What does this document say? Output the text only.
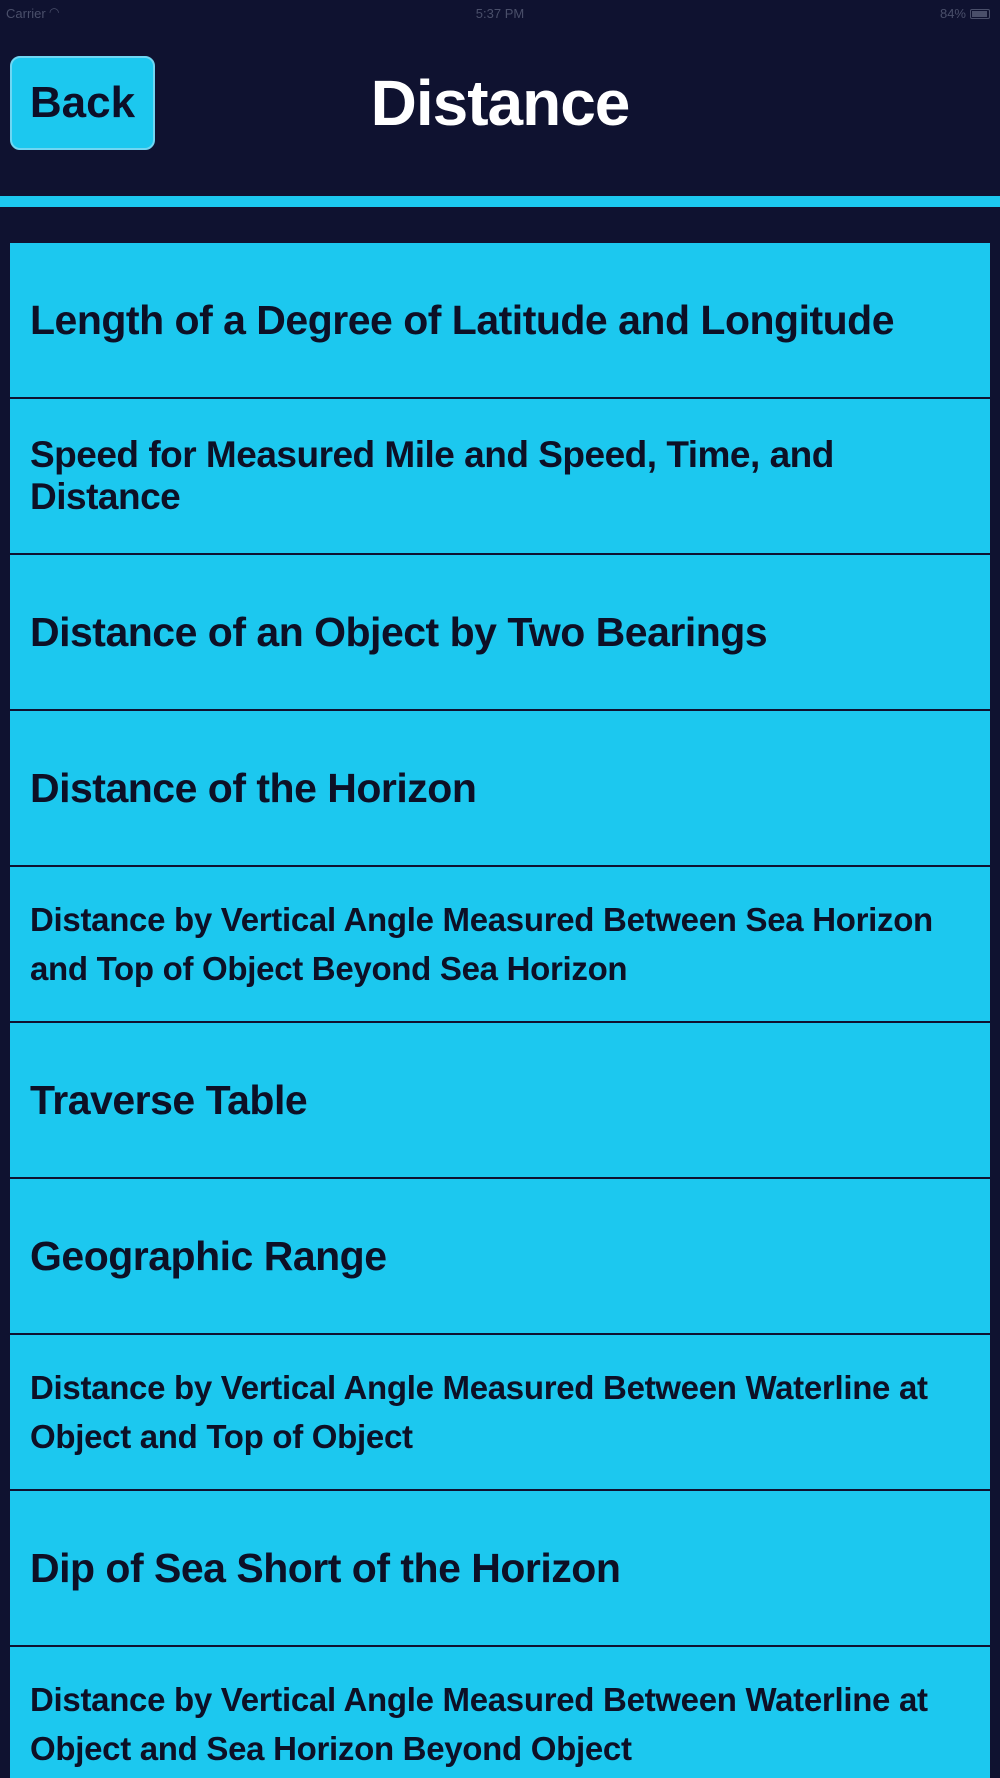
Carrier ◠	5:37 PM	84%
Back	Distance
Length of a Degree of Latitude and Longitude
Speed for Measured Mile and Speed, Time, and Distance
Distance of an Object by Two Bearings
Distance of the Horizon
Distance by Vertical Angle Measured Between Sea Horizon and Top of Object Beyond Sea Horizon
Traverse Table
Geographic Range
Distance by Vertical Angle Measured Between Waterline at Object and Top of Object
Dip of Sea Short of the Horizon
Distance by Vertical Angle Measured Between Waterline at Object and Sea Horizon Beyond Object
